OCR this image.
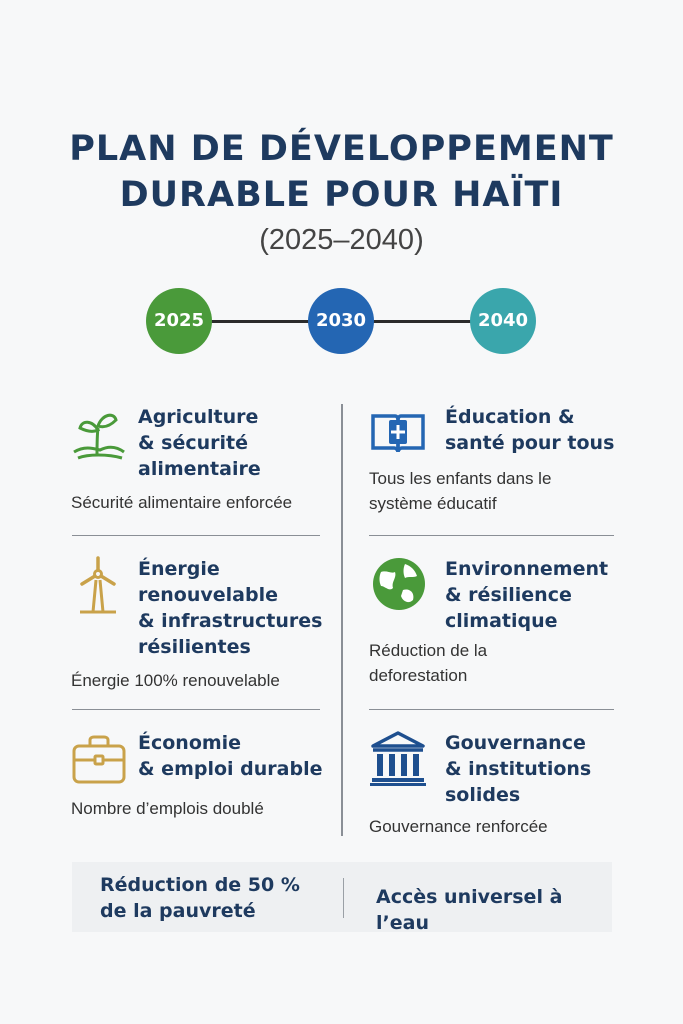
PLAN DE DÉVELOPPEMENT
DURABLE POUR HAÏTI
(2025–2040)
2025	2030	2040
Agriculture
& sécurité
alimentaire
Sécurité alimentaire enforcée
Éducation &
santé pour tous
Tous les enfants dans le
système éducatif
Énergie
renouvelable
& infrastructures
résilientes
Énergie 100% renouvelable
Environnement
& résilience
climatique
Réduction de la
deforestation
Économie
& emploi durable
Nombre d’emplois doublé
Gouvernance
& institutions
solides
Gouvernance renforcée
Réduction de 50 %
de la pauvreté
Accès universel à l’eau
